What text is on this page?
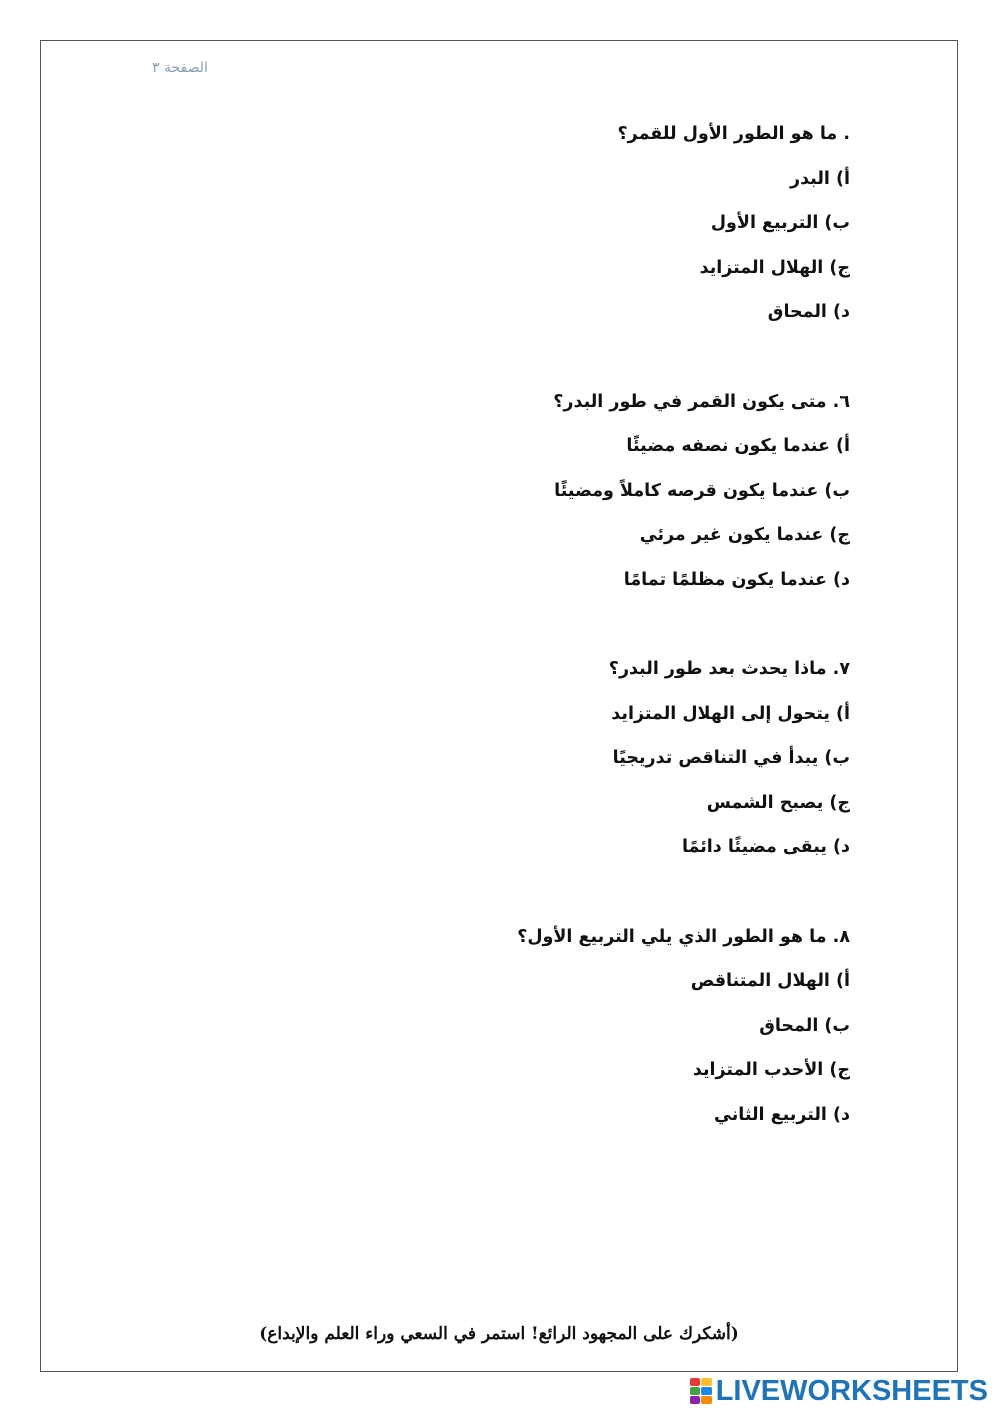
الصفحة ٣
. ما هو الطور الأول للقمر؟
أ) البدر
ب) التربيع الأول
ج) الهلال المتزايد
د) المحاق
٦. متى يكون القمر في طور البدر؟
أ) عندما يكون نصفه مضيئًا
ب) عندما يكون قرصه كاملاً ومضيئًا
ج) عندما يكون غير مرئي
د) عندما يكون مظلمًا تمامًا
٧. ماذا يحدث بعد طور البدر؟
أ) يتحول إلى الهلال المتزايد
ب) يبدأ في التناقص تدريجيًا
ج) يصبح الشمس
د) يبقى مضيئًا دائمًا
٨. ما هو الطور الذي يلي التربيع الأول؟
أ) الهلال المتناقص
ب) المحاق
ج) الأحدب المتزايد
د) التربيع الثاني
(أشكرك على المجهود الرائع! استمر في السعي وراء العلم والإبداع)
LIVEWORKSHEETS
